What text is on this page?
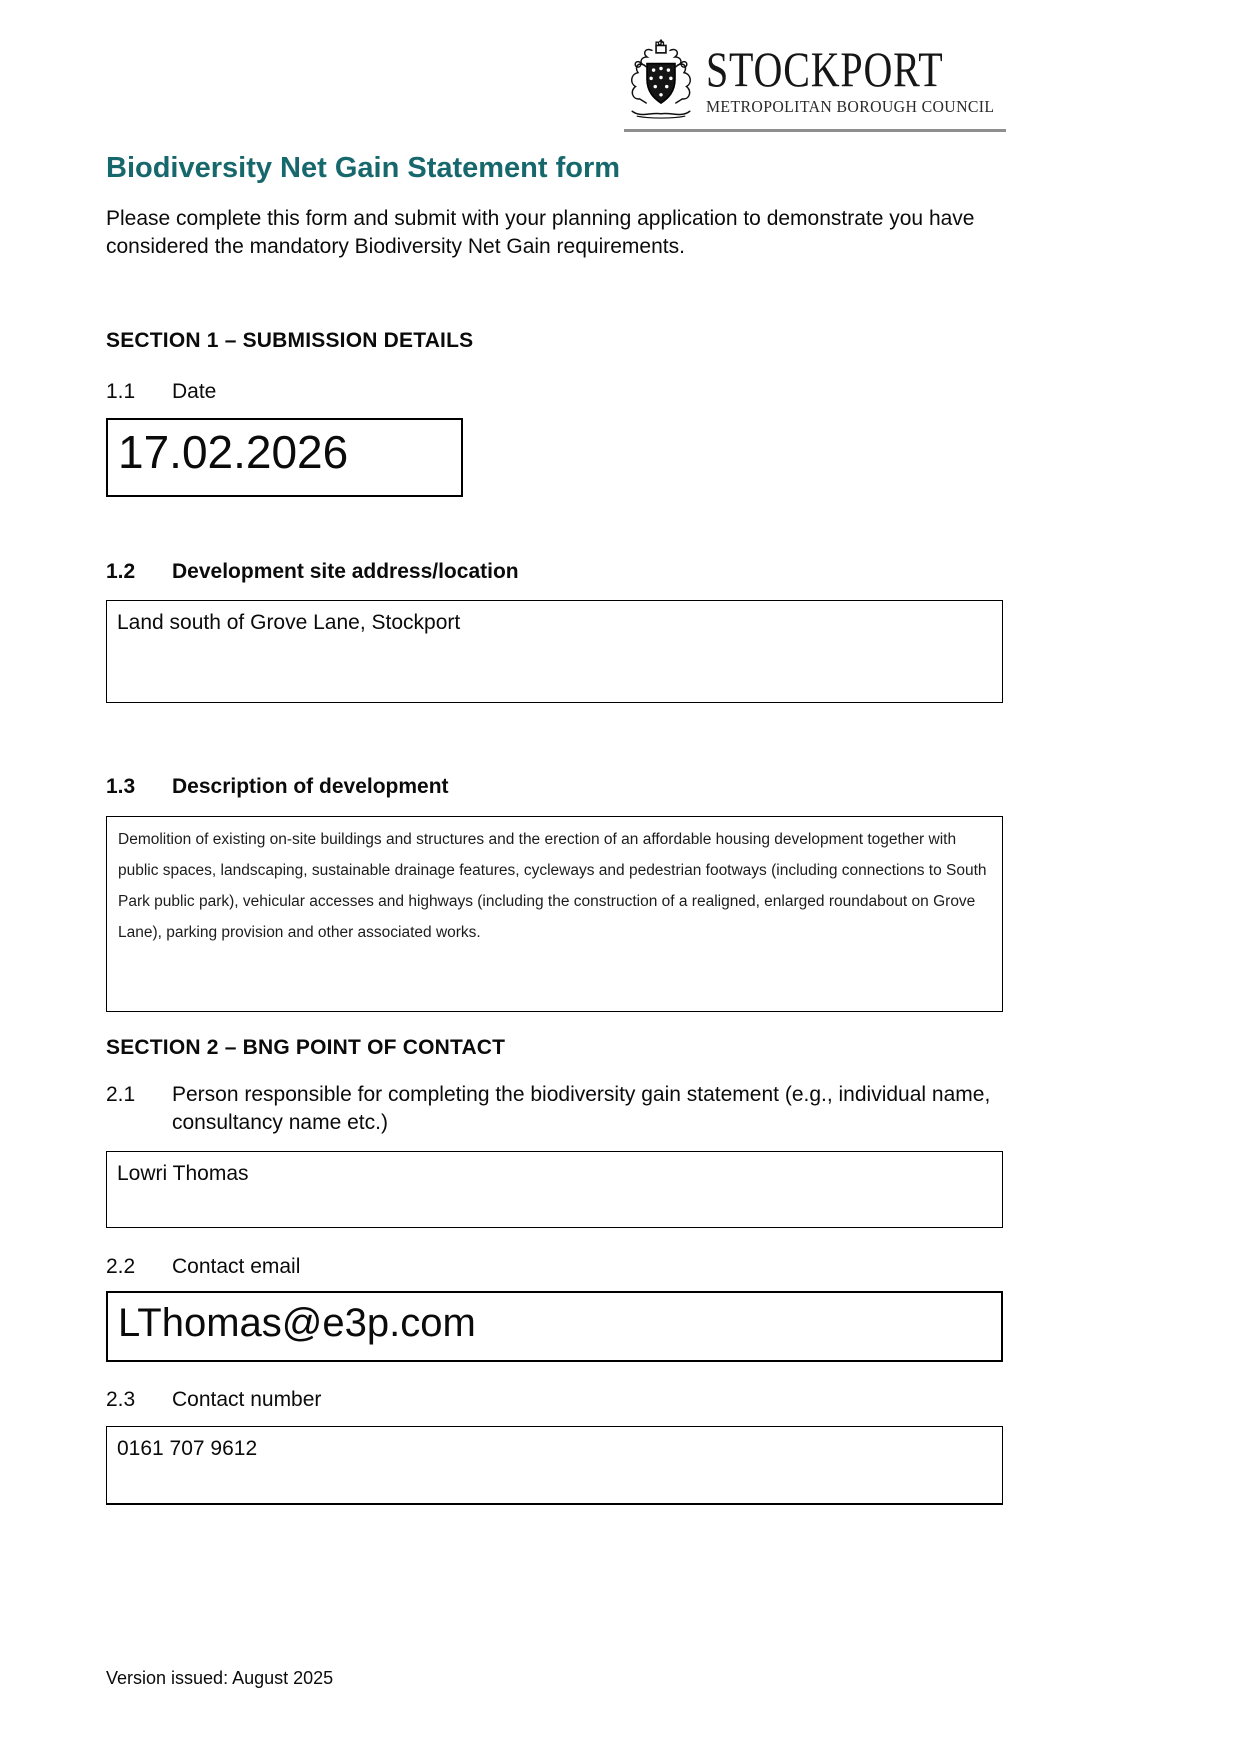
STOCKPORT
METROPOLITAN BOROUGH COUNCIL
Biodiversity Net Gain Statement form

Please complete this form and submit with your planning application to demonstrate you have considered the mandatory Biodiversity Net Gain requirements.

SECTION 1 – SUBMISSION DETAILS
1.1	Date
17.02.2026
1.2	Development site address/location
Land south of Grove Lane, Stockport
1.3	Description of development
Demolition of existing on-site buildings and structures and the erection of an affordable housing development together with public spaces, landscaping, sustainable drainage features, cycleways and pedestrian footways (including connections to South Park public park), vehicular accesses and highways (including the construction of a realigned, enlarged roundabout on Grove Lane), parking provision and other associated works.
SECTION 2 – BNG POINT OF CONTACT
2.1	Person responsible for completing the biodiversity gain statement (e.g., individual name, consultancy name etc.)
Lowri Thomas
2.2	Contact email
LThomas@e3p.com
2.3	Contact number
0161 707 9612
Version issued: August 2025
